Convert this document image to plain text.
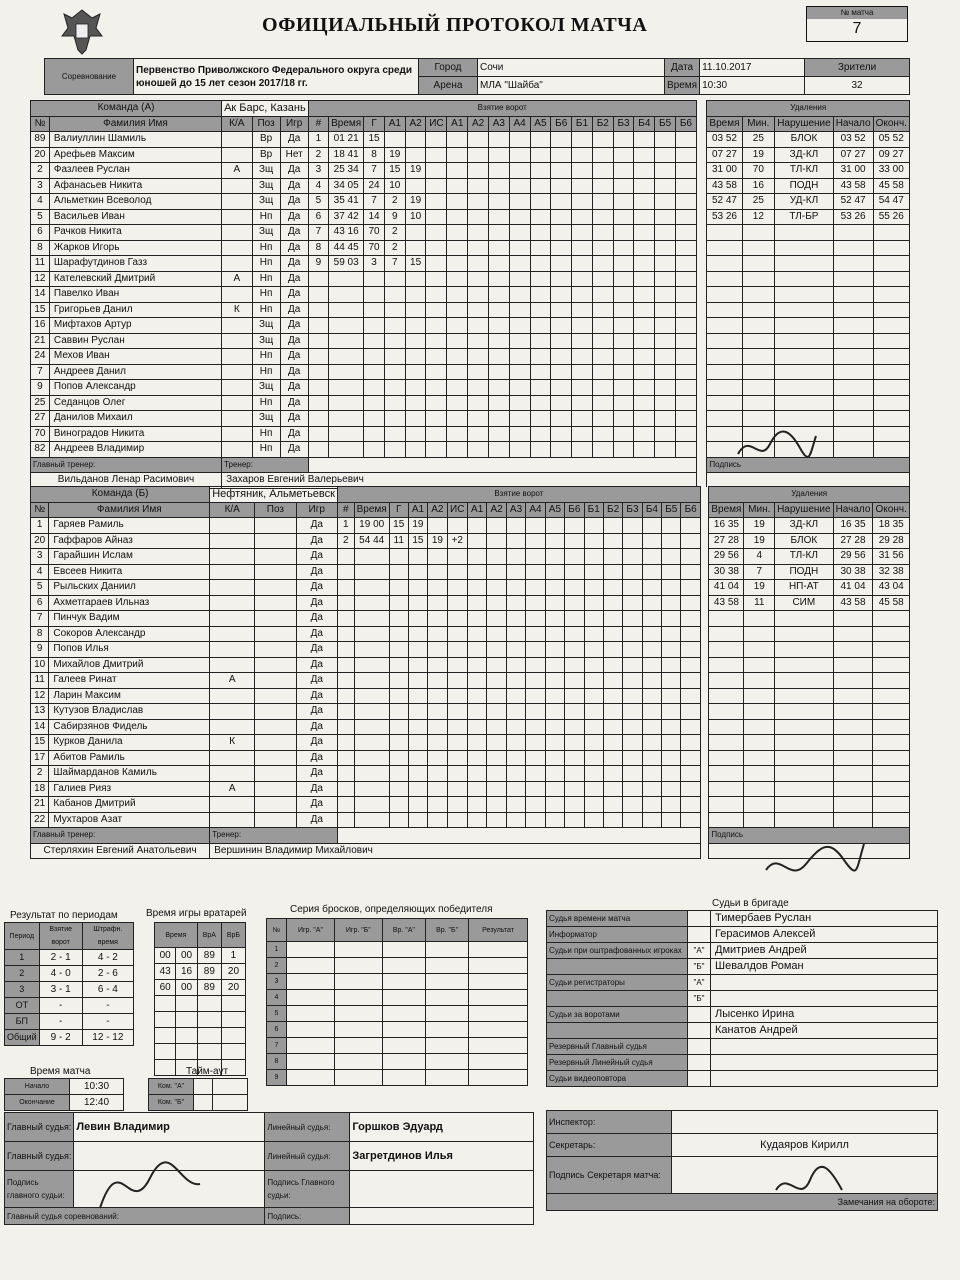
ОФИЦИАЛЬНЫЙ ПРОТОКОЛ МАТЧА
№ матча
7
Соревнование	Первенство Приволжского Федерального округа среди юношей до 15 лет сезон 2017/18 гг.	Город	Сочи	Дата	11.10.2017	Зрители
		Арена	МЛА "Шайба"	Время	10:30	32
Команда (А)		Ак Барс, Казань			Взятие ворот																			Удаления				
№	Фамилия Имя	К/А	Поз	Игр	#	Время	Г	А1	А2	ИС	А1	А2	А3	А4	А5	Б6	Б1	Б2	Б3	Б4	Б5	Б6		Время	Мин.	Нарушение	Начало	Оконч.
89	Валиуллин Шамиль		Вр	Да	1	01 21	15																	03 52	25	БЛОК	03 52	05 52
20	Арефьев Максим		Вр	Нет	2	18 41	8	19																07 27	19	ЗД-КЛ	07 27	09 27
2	Фазлеев Руслан	А	Зщ	Да	3	25 34	7	15	19															31 00	70	ТЛ-КЛ	31 00	33 00
3	Афанасьев Никита		Зщ	Да	4	34 05	24	10																43 58	16	ПОДН	43 58	45 58
4	Альметкин Всеволод		Зщ	Да	5	35 41	7	2	19															52 47	25	УД-КЛ	52 47	54 47
5	Васильев Иван		Нп	Да	6	37 42	14	9	10															53 26	12	ТЛ-БР	53 26	55 26
6	Рачков Никита		Зщ	Да	7	43 16	70	2																				
8	Жарков Игорь		Нп	Да	8	44 45	70	2																				
11	Шарафутдинов Газз		Нп	Да	9	59 03	3	7	15																			
12	Кателевский Дмитрий	А	Нп	Да																								
14	Павелко Иван		Нп	Да																								
15	Григорьев Данил	К	Нп	Да																								
16	Мифтахов Артур		Зщ	Да																								
21	Саввин Руслан		Зщ	Да																								
24	Мехов Иван		Нп	Да																								
7	Андреев Данил		Нп	Да																								
9	Попов Александр		Зщ	Да																								
25	Седанцов Олег		Нп	Да																								
27	Данилов Михаил		Зщ	Да																								
70	Виноградов Никита		Нп	Да																								
82	Андреев Владимир		Нп	Да																								
Главный тренер:		Тренер:																						Подпись				
Вильданов Ленар Расимович		Захаров Евгений Валерьевич																										
Команда (Б)		Нефтяник, Альметьевск			Взятие ворот																			Удаления				
№	Фамилия Имя	К/А	Поз	Игр	#	Время	Г	А1	А2	ИС	А1	А2	А3	А4	А5	Б6	Б1	Б2	Б3	Б4	Б5	Б6		Время	Мин.	Нарушение	Начало	Оконч.
1	Гаряев Рамиль			Да	1	19 00	15	19																16 35	19	ЗД-КЛ	16 35	18 35
20	Гаффаров Айназ			Да	2	54 44	11	15	19	+2														27 28	19	БЛОК	27 28	29 28
3	Гарайшин Ислам			Да																				29 56	4	ТЛ-КЛ	29 56	31 56
4	Евсеев Никита			Да																				30 38	7	ПОДН	30 38	32 38
5	Рыльских Даниил			Да																				41 04	19	НП-АТ	41 04	43 04
6	Ахметгараев Ильназ			Да																				43 58	11	СИМ	43 58	45 58
7	Пинчук Вадим			Да																								
8	Сокоров Александр			Да																								
9	Попов Илья			Да																								
10	Михайлов Дмитрий			Да																								
11	Галеев Ринат	А		Да																								
12	Ларин Максим			Да																								
13	Кутузов Владислав			Да																								
14	Сабирзянов Фидель			Да																								
15	Курков Данила	К		Да																								
17	Абитов Рамиль			Да																								
2	Шаймарданов Камиль			Да																								
18	Галиев Рияз	А		Да																								
21	Кабанов Дмитрий			Да																								
22	Мухтаров Азат			Да																								
Главный тренер:		Тренер:																						Подпись				
Стерляхин Евгений Анатольевич		Вершинин Владимир Михайлович																										
Результат по периодам
Период	Взятие ворот	Штрафн. время
1	2 - 1	4 - 2
2	4 - 0	2 - 6
3	3 - 1	6 - 4
ОТ	-	-
БП	-	-
Общий	9 - 2	12 - 12
Время игры вратарей
Время		ВрА	ВрБ
00	00	89	1
43	16	89	20
60	00	89	20

Время матча
Начало	10:30
Окончание	12:40
Тайм-аут
Ком. "А"		
Ком. "Б"		
Серия бросков, определяющих победителя
№	Игр. "А"	Игр. "Б"	Вр. "А"	Вр. "Б"	Результат
1					
2					
3					
4					
5					
6					
7					
8					
9					
Судьи в бригаде
Судья времени матча		Тимербаев Руслан
Информатор		Герасимов Алексей
Судьи при оштрафованных игроках	"А"	Дмитриев Андрей
	"Б"	Шевалдов Роман
Судьи регистраторы	"А"	
	"Б"	
Судьи за воротами		Лысенко Ирина
		Канатов Андрей
Резервный Главный судья		
Резервный Линейный судья		
Судьи видеоповтора		
Инспектор:	
Секретарь:	Кудаяров Кирилл
Подпись Секретаря матча:	
Замечания на обороте:	
Главный судья:	Левин Владимир	Линейный судья:	Горшков Эдуард
Главный судья:		Линейный судья:	Загретдинов Илья
Подпись главного судьи:		Подпись Главного судьи:	
Главный судья соревнований:		Подпись:	
